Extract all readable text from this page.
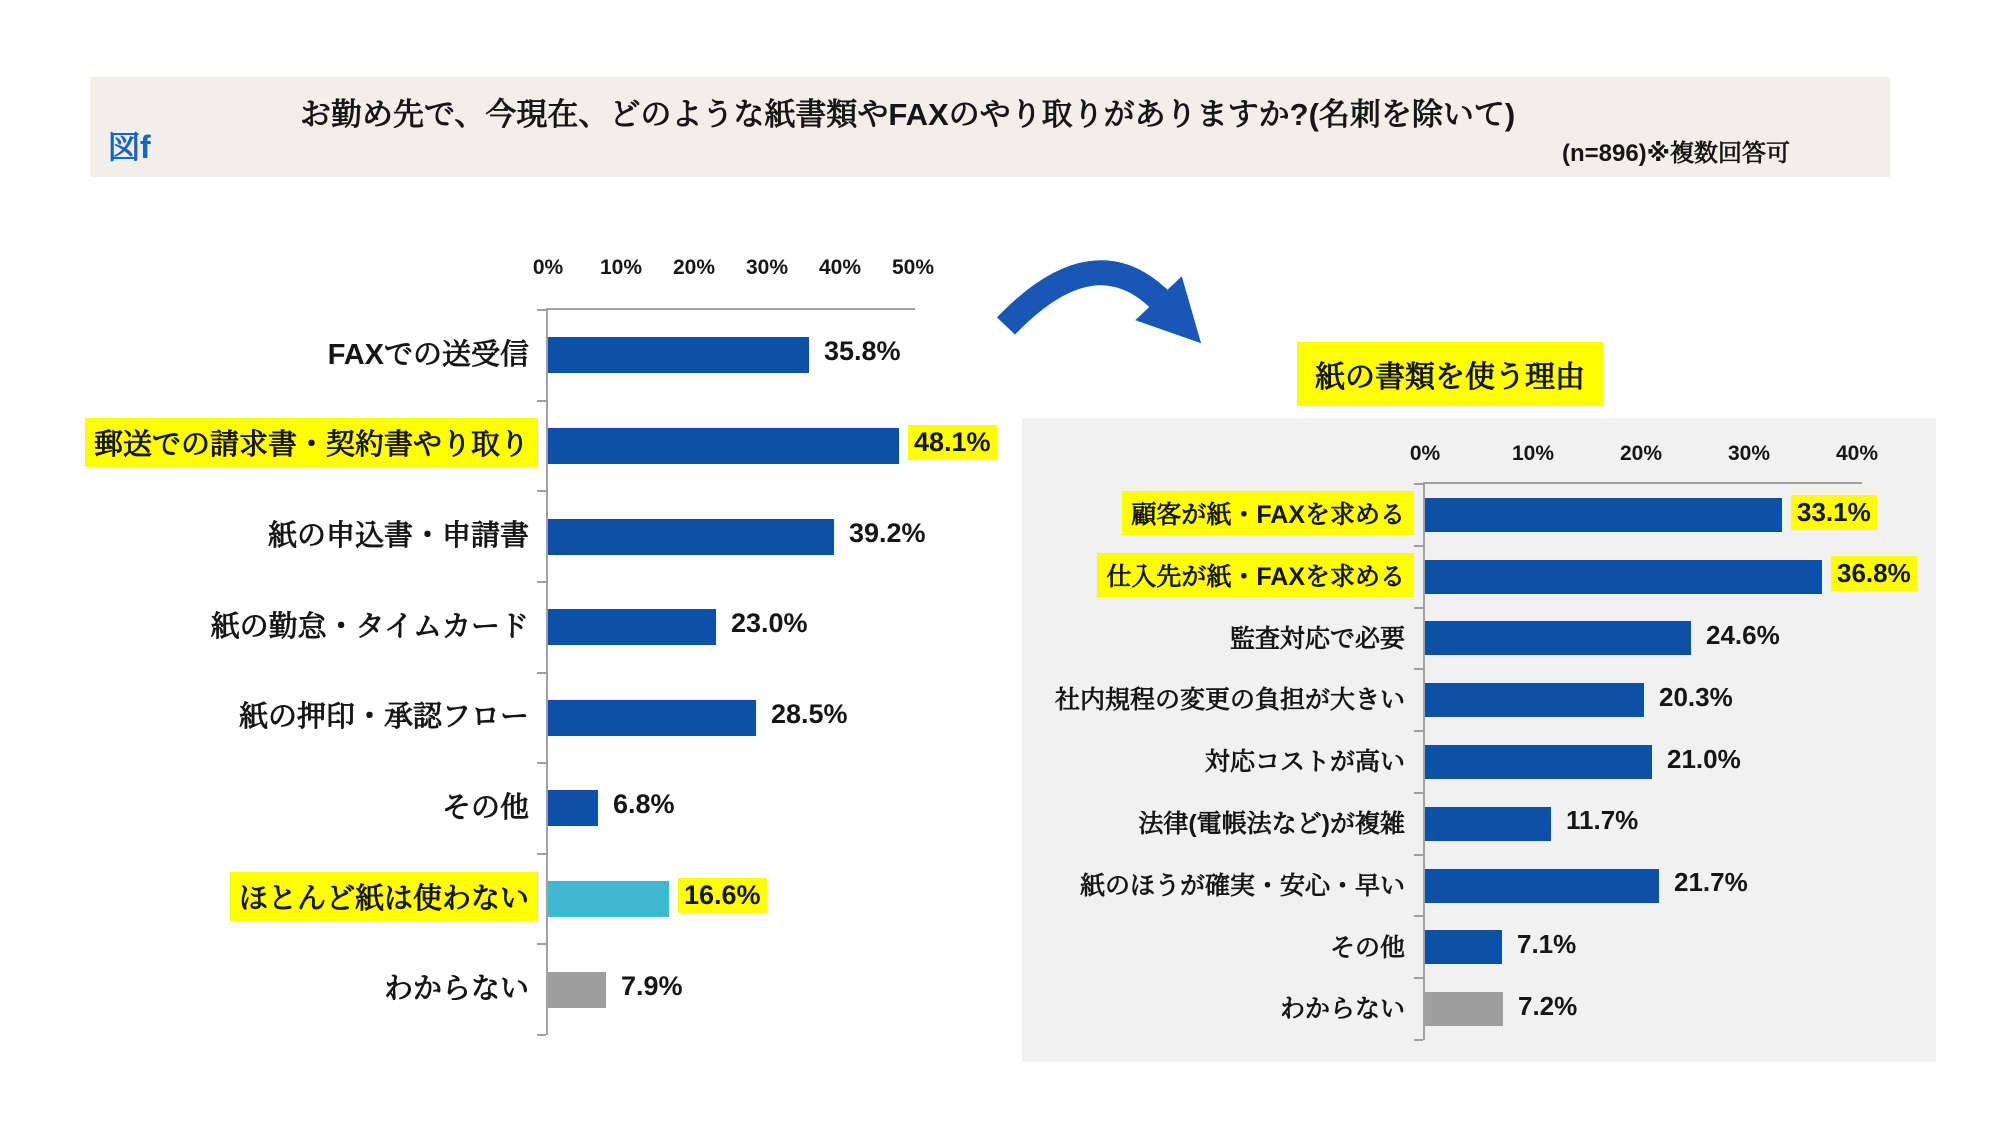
図f
お勤め先で、今現在、どのような紙書類やFAXのやり取りがありますか?(名刺を除いて)
(n=896)※複数回答可
紙の書類を使う理由
0% 10% 20% 30% 40% 50%
FAXでの送受信	35.8%
郵送での請求書・契約書やり取り	48.1%
紙の申込書・申請書	39.2%
紙の勤怠・タイムカード	23.0%
紙の押印・承認フロー	28.5%
その他	6.8%
ほとんど紙は使わない	16.6%
わからない	7.9%
0%	10%	20%	30%	40%
顧客が紙・FAXを求める	33.1%
仕入先が紙・FAXを求める	36.8%
監査対応で必要	24.6%
社内規程の変更の負担が大きい	20.3%
対応コストが高い	21.0%
法律(電帳法など)が複雑	11.7%
紙のほうが確実・安心・早い	21.7%
その他	7.1%
わからない	7.2%
